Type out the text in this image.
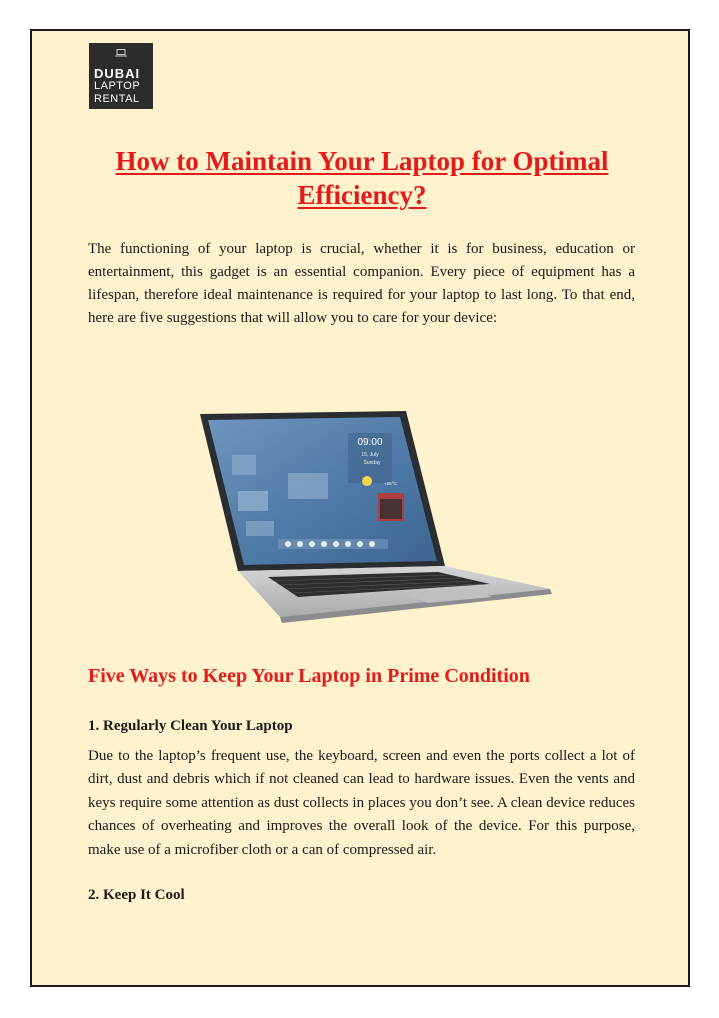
DUBAI
LAPTOP
RENTAL
How to Maintain Your Laptop for Optimal Efficiency?

The functioning of your laptop is crucial, whether it is for business, education or entertainment, this gadget is an essential companion. Every piece of equipment has a lifespan, therefore ideal maintenance is required for your laptop to last long. To that end, here are five suggestions that will allow you to care for your device:

09:00
15, July
Sunday
+26°C
Five Ways to Keep Your Laptop in Prime Condition
1. Regularly Clean Your Laptop

Due to the laptop’s frequent use, the keyboard, screen and even the ports collect a lot of dirt, dust and debris which if not cleaned can lead to hardware issues. Even the vents and keys require some attention as dust collects in places you don’t see. A clean device reduces chances of overheating and improves the overall look of the device. For this purpose, make use of a microfiber cloth or a can of compressed air.

2. Keep It Cool
